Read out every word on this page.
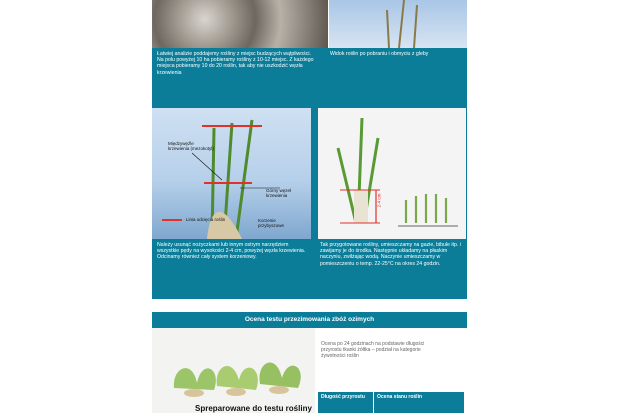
Łatwiej analizie poddajemy rośliny z miejsc budzących wątpliwości. Na polu powyżej 10 ha pobieramy rośliny z 10-12 miejsc. Z każdego miejsca pobieramy 10 do 20 roślin, tak aby nie uszkodzić węzła krzewienia
Widok roślin po pobraniu i obmyciu z gleby
Międzywęźle krzewienia (mezokotyl)
Górny węzeł krzewienia
Korzenie przybyszowe
Linia odcięcia roślin
2-4 cm
Należy usunąć nożyczkami lub innym ostrym narzędziem wszystkie pędy na wysokości 2-4 cm, powyżej węzła krzewienia. Odcinamy również cały system korzeniowy.
Tak przygotowane rośliny, umieszczamy na gazie, bibule itp. i zawijamy je do środka. Następnie układamy na płaskim naczyniu, zwilżając wodą. Naczynie umieszczamy w pomieszczeniu o temp. 22-25°C na okres 24 godzin.
Ocena testu przezimowania zbóż ozimych
Spreparowane do testu rośliny
Ocena po 24 godzinach na podstawie długości przyrostu tkanki żółtka – podział na kategorie żywotności roślin
Długość przyrostu	Ocena stanu roślin
